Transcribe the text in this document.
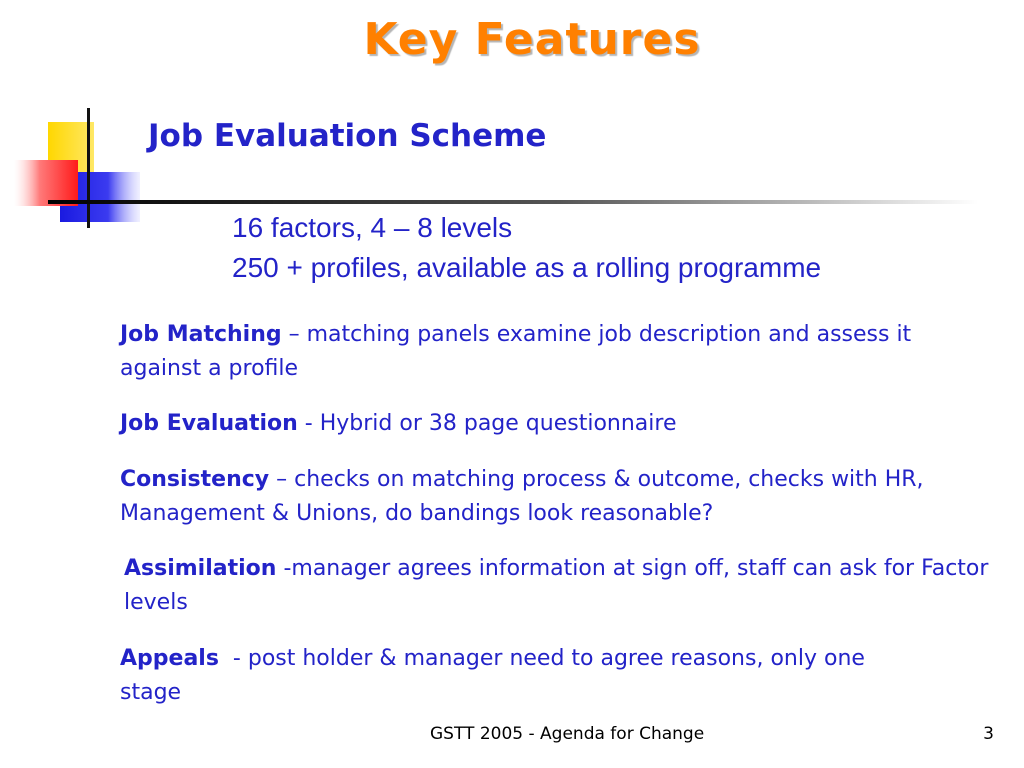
Key Features
Job Evaluation Scheme
16 factors, 4 – 8 levels
250 + profiles, available as a rolling programme

Job Matching – matching panels examine job description and assess it against a profile

Job Evaluation - Hybrid or 38 page questionnaire

Consistency – checks on matching process & outcome, checks with HR, Management & Unions, do bandings look reasonable?

Assimilation -manager agrees information at sign off, staff can ask for Factor levels

Appeals  - post holder & manager need to agree reasons, only one stage

GSTT 2005 - Agenda for Change	3
